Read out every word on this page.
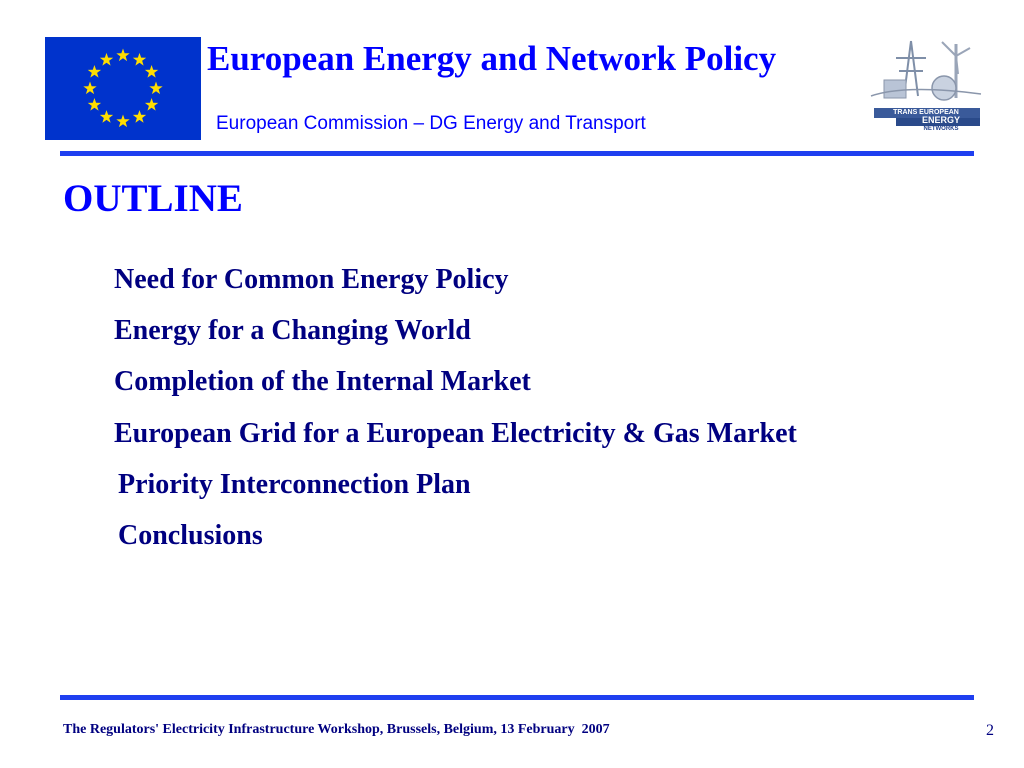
European Energy and Network Policy
European Commission – DG Energy and Transport
TRANS EUROPEAN
ENERGY
NETWORKS
OUTLINE
Need for Common Energy Policy
Energy for a Changing World
Completion of the Internal Market
European Grid for a European Electricity & Gas Market
Priority Interconnection Plan
Conclusions
The Regulators' Electricity Infrastructure Workshop, Brussels, Belgium, 13 February  2007	2
